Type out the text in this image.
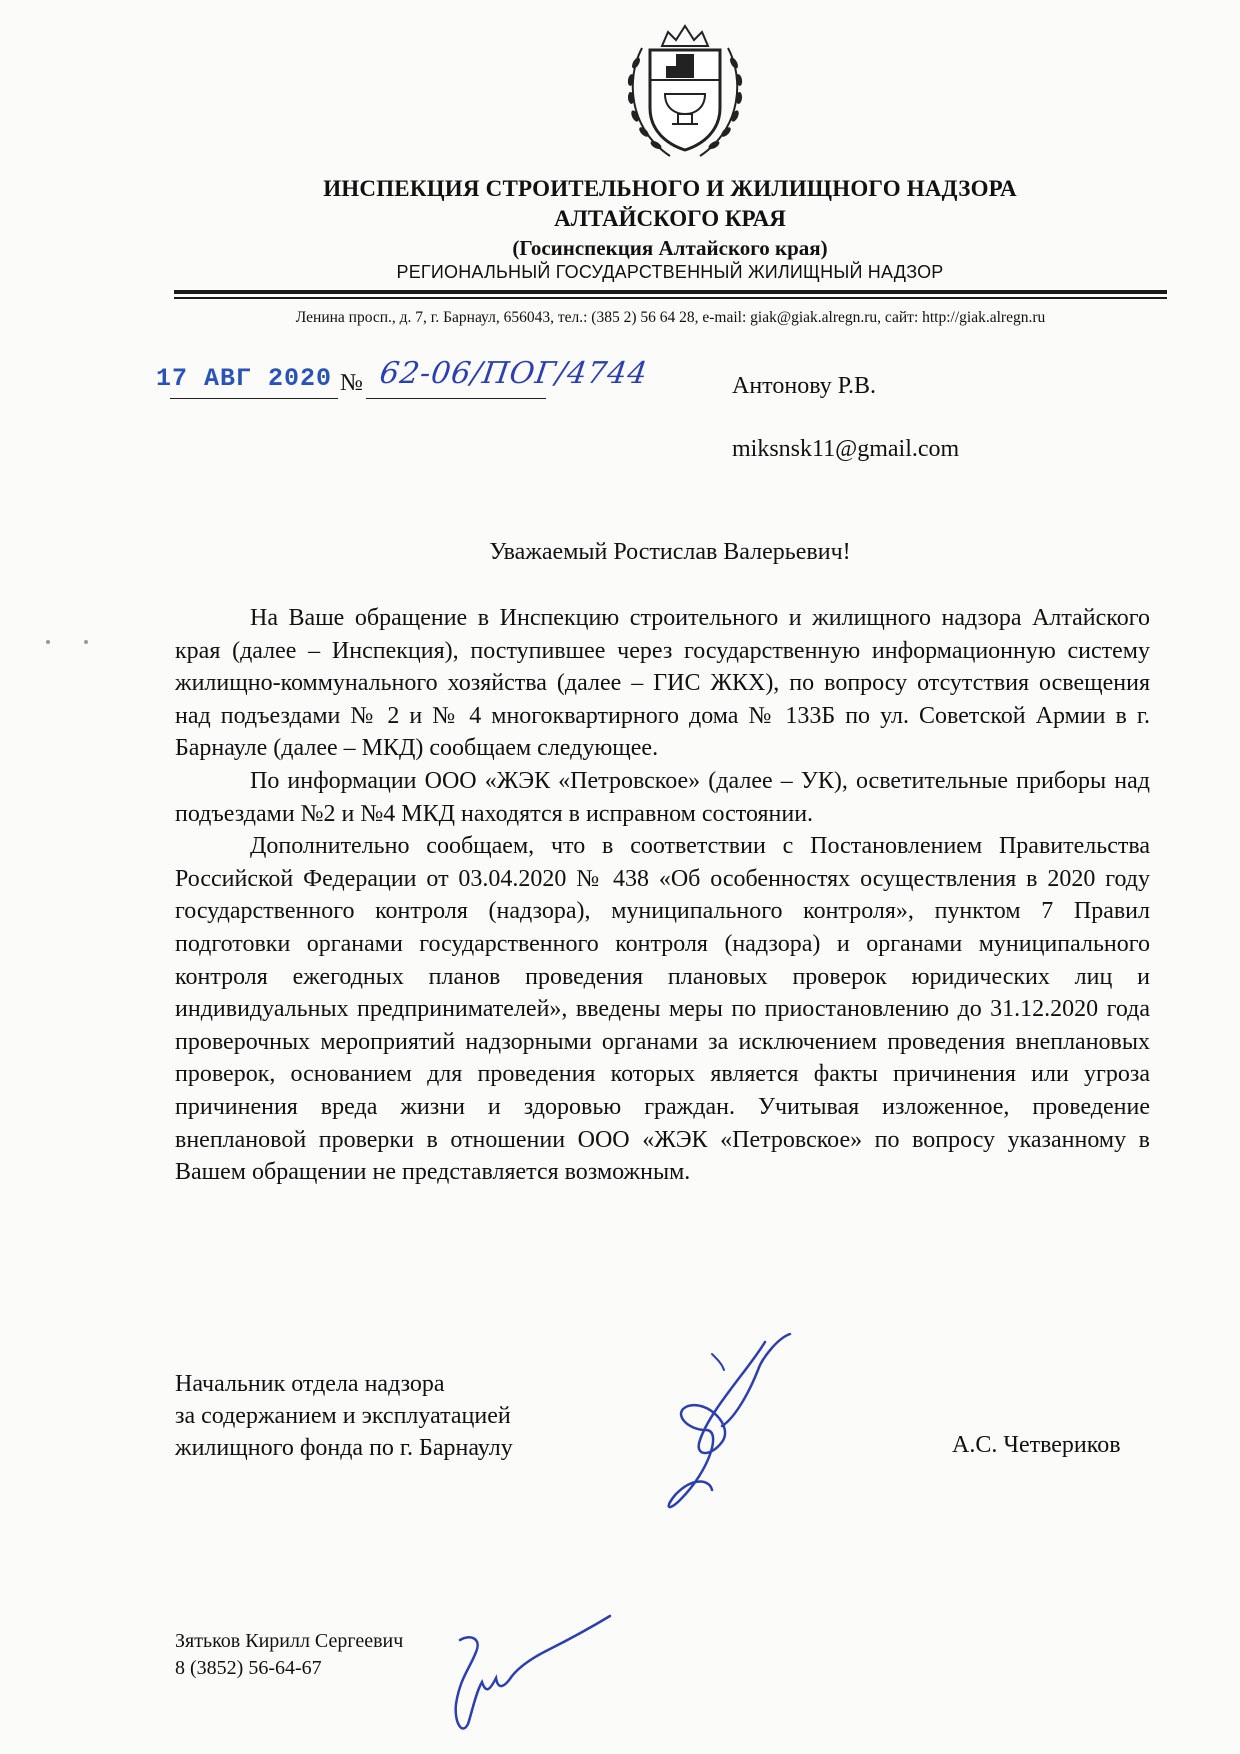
ИНСПЕКЦИЯ СТРОИТЕЛЬНОГО И ЖИЛИЩНОГО НАДЗОРА
АЛТАЙСКОГО КРАЯ
(Госинспекция Алтайского края)
РЕГИОНАЛЬНЫЙ ГОСУДАРСТВЕННЫЙ ЖИЛИЩНЫЙ НАДЗОР
Ленина просп., д. 7, г. Барнаул, 656043, тел.: (385 2) 56 64 28, e-mail: giak@giak.alregn.ru, сайт: http://giak.alregn.ru
17 АВГ 2020 № 62-06/ПОГ/4744	Антонову Р.В.
miksnsk11@gmail.com
Уважаемый Ростислав Валерьевич!

На Ваше обращение в Инспекцию строительного и жилищного надзора Алтайского края (далее – Инспекция), поступившее через государственную информационную систему жилищно-коммунального хозяйства (далее – ГИС ЖКХ), по вопросу отсутствия освещения над подъездами № 2 и № 4 многоквартирного дома № 133Б по ул. Советской Армии в г. Барнауле (далее – МКД) сообщаем следующее.

По информации ООО «ЖЭК «Петровское» (далее – УК), осветительные приборы над подъездами №2 и №4 МКД находятся в исправном состоянии.

Дополнительно сообщаем, что в соответствии с Постановлением Правительства Российской Федерации от 03.04.2020 № 438 «Об особенностях осуществления в 2020 году государственного контроля (надзора), муниципального контроля», пунктом 7 Правил подготовки органами государственного контроля (надзора) и органами муниципального контроля ежегодных планов проведения плановых проверок юридических лиц и индивидуальных предпринимателей», введены меры по приостановлению до 31.12.2020 года проверочных мероприятий надзорными органами за исключением проведения внеплановых проверок, основанием для проведения которых является факты причинения или угроза причинения вреда жизни и здоровью граждан. Учитывая изложенное, проведение внеплановой проверки в отношении ООО «ЖЭК «Петровское» по вопросу указанному в Вашем обращении не представляется возможным.

Начальник отдела надзора
за содержанием и эксплуатацией
жилищного фонда по г. Барнаулу	А.С. Четвериков
Зятьков Кирилл Сергеевич
8 (3852) 56-64-67
